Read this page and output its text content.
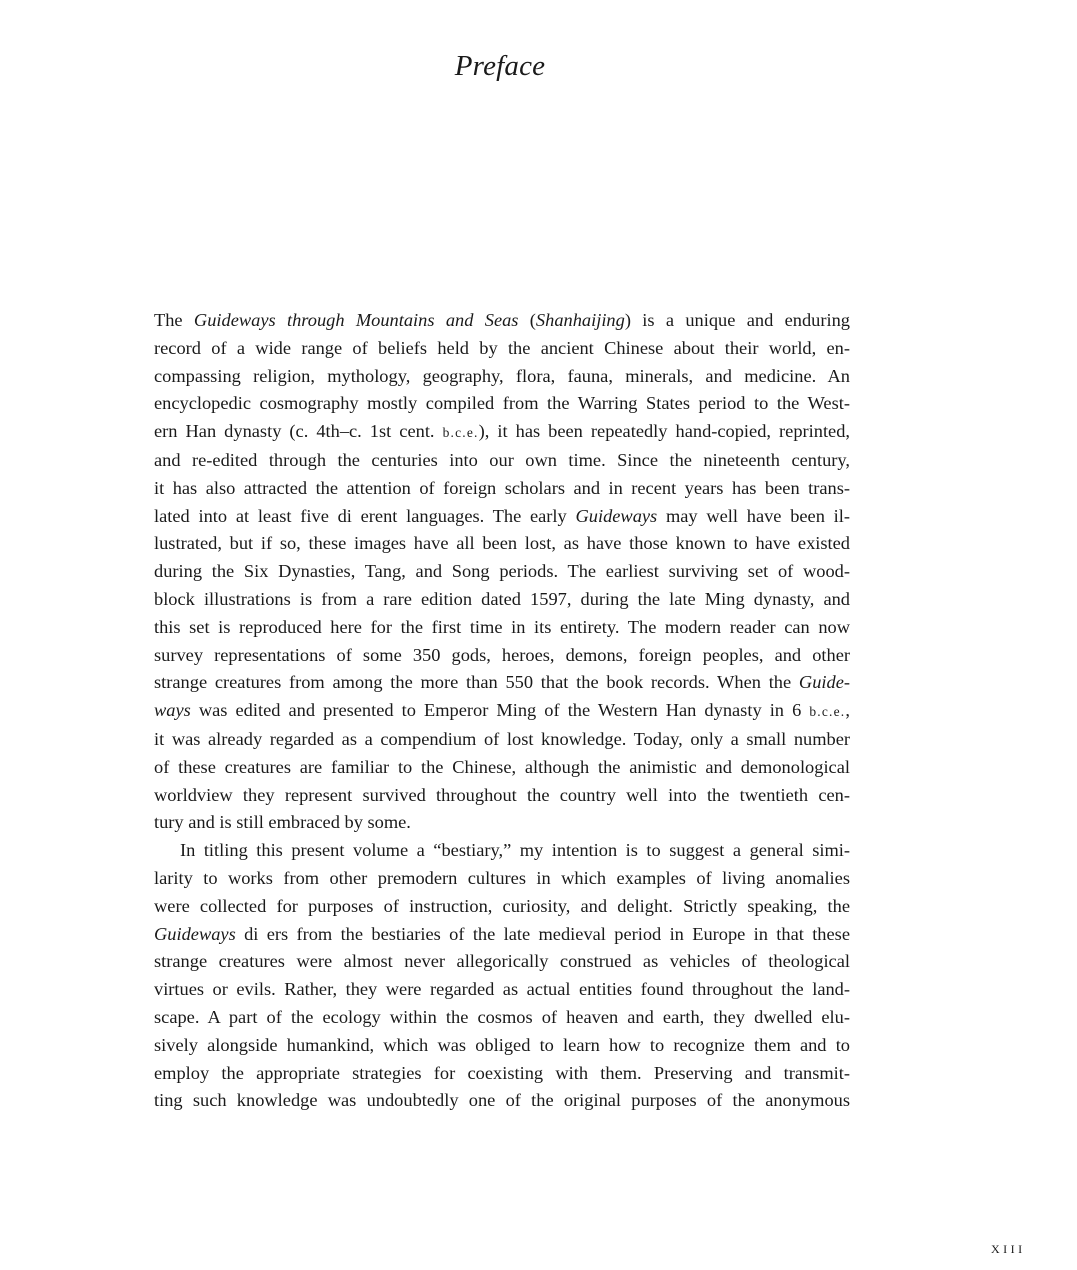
Preface
The Guideways through Mountains and Seas (Shanhaijing) is a unique and enduring
record of a wide range of beliefs held by the ancient Chinese about their world, en-
compassing religion, mythology, geography, flora, fauna, minerals, and medicine. An
encyclopedic cosmography mostly compiled from the Warring States period to the West-
ern Han dynasty (c. 4th–c. 1st cent. b.c.e.), it has been repeatedly hand-copied, reprinted,
and re-edited through the centuries into our own time. Since the nineteenth century,
it has also attracted the attention of foreign scholars and in recent years has been trans-
lated into at least five di erent languages. The early Guideways may well have been il-
lustrated, but if so, these images have all been lost, as have those known to have existed
during the Six Dynasties, Tang, and Song periods. The earliest surviving set of wood-
block illustrations is from a rare edition dated 1597, during the late Ming dynasty, and
this set is reproduced here for the first time in its entirety. The modern reader can now
survey representations of some 350 gods, heroes, demons, foreign peoples, and other
strange creatures from among the more than 550 that the book records. When the Guide-
ways was edited and presented to Emperor Ming of the Western Han dynasty in 6 b.c.e.,
it was already regarded as a compendium of lost knowledge. Today, only a small number
of these creatures are familiar to the Chinese, although the animistic and demonological
worldview they represent survived throughout the country well into the twentieth cen-
tury and is still embraced by some.
In titling this present volume a “bestiary,” my intention is to suggest a general simi-
larity to works from other premodern cultures in which examples of living anomalies
were collected for purposes of instruction, curiosity, and delight. Strictly speaking, the
Guideways di ers from the bestiaries of the late medieval period in Europe in that these
strange creatures were almost never allegorically construed as vehicles of theological
virtues or evils. Rather, they were regarded as actual entities found throughout the land-
scape. A part of the ecology within the cosmos of heaven and earth, they dwelled elu-
sively alongside humankind, which was obliged to learn how to recognize them and to
employ the appropriate strategies for coexisting with them. Preserving and transmit-
ting such knowledge was undoubtedly one of the original purposes of the anonymous
XIII
